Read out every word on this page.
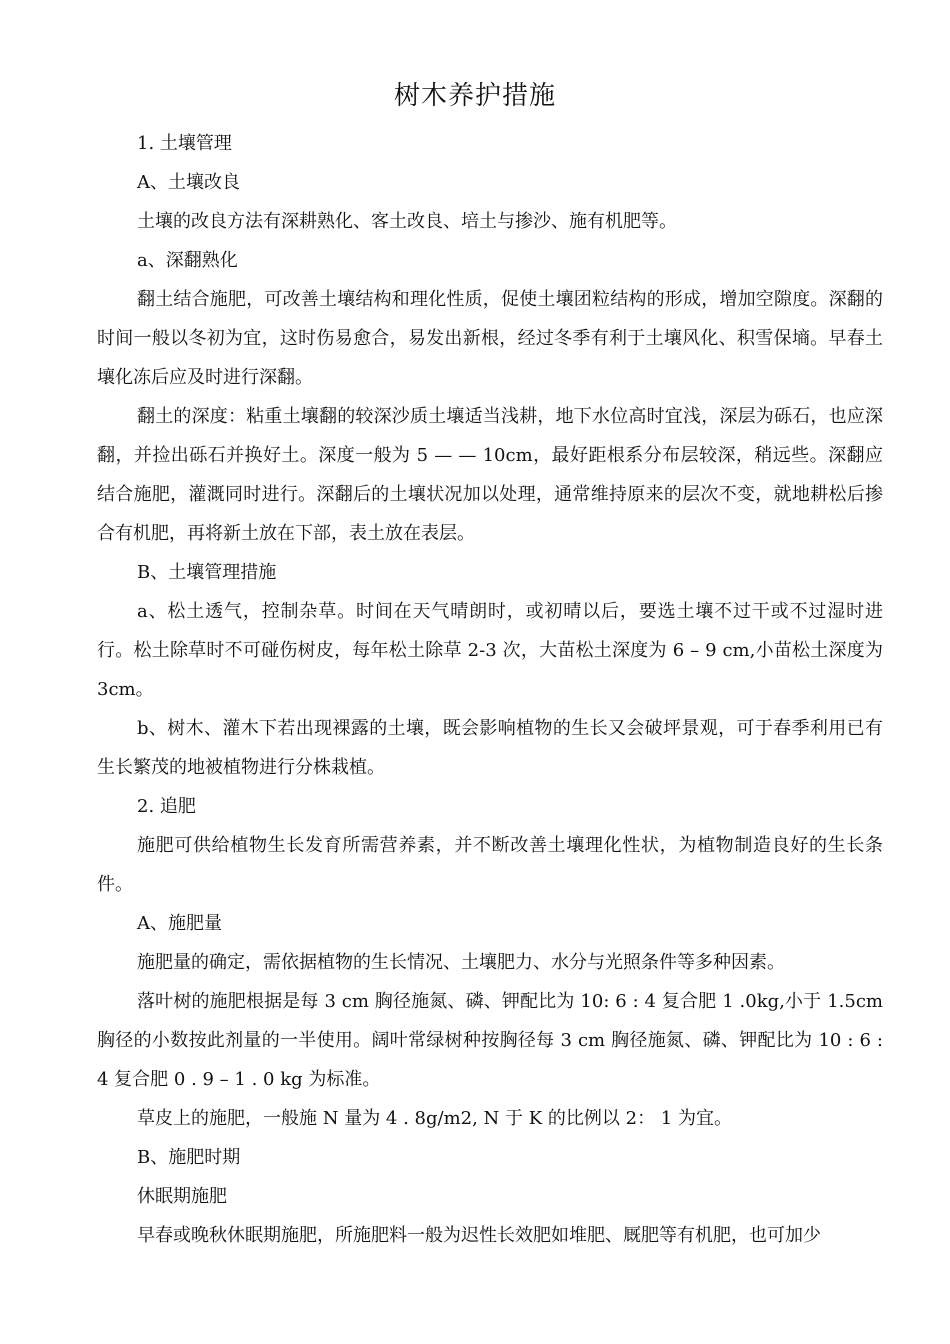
树木养护措施

1. 土壤管理

A、土壤改良

土壤的改良方法有深耕熟化、客土改良、培土与掺沙、施有机肥等。

a、深翻熟化

翻土结合施肥，可改善土壤结构和理化性质，促使土壤团粒结构的形成，增加空隙度。深翻的时间一般以冬初为宜，这时伤易愈合，易发出新根，经过冬季有利于土壤风化、积雪保墒。早春土壤化冻后应及时进行深翻。

翻土的深度：粘重土壤翻的较深沙质土壤适当浅耕，地下水位高时宜浅，深层为砾石，也应深翻，并捡出砾石并换好土。深度一般为 5 — — 10cm，最好距根系分布层较深，稍远些。深翻应结合施肥，灌溉同时进行。深翻后的土壤状况加以处理，通常维持原来的层次不变，就地耕松后掺合有机肥，再将新土放在下部，表土放在表层。

B、土壤管理措施

a、松土透气，控制杂草。时间在天气晴朗时，或初晴以后，要选土壤不过干或不过湿时进行。松土除草时不可碰伤树皮，每年松土除草 2-3 次，大苗松土深度为 6 – 9 cm,小苗松土深度为 3cm。

b、树木、灌木下若出现裸露的土壤，既会影响植物的生长又会破坪景观，可于春季利用已有生长繁茂的地被植物进行分株栽植。

2. 追肥

施肥可供给植物生长发育所需营养素，并不断改善土壤理化性状，为植物制造良好的生长条件。

A、施肥量

施肥量的确定，需依据植物的生长情况、土壤肥力、水分与光照条件等多种因素。

落叶树的施肥根据是每 3 cm 胸径施氮、磷、钾配比为 10: 6 : 4 复合肥 1 .0kg,小于 1.5cm 胸径的小数按此剂量的一半使用。阔叶常绿树种按胸径每 3 cm 胸径施氮、磷、钾配比为 10 : 6 : 4 复合肥 0 . 9 – 1 . 0 kg 为标准。

草皮上的施肥，一般施 N 量为 4 . 8g/m2, N 于 K 的比例以 2： 1 为宜。

B、施肥时期

休眠期施肥

早春或晚秋休眠期施肥，所施肥料一般为迟性长效肥如堆肥、厩肥等有机肥，也可加少
